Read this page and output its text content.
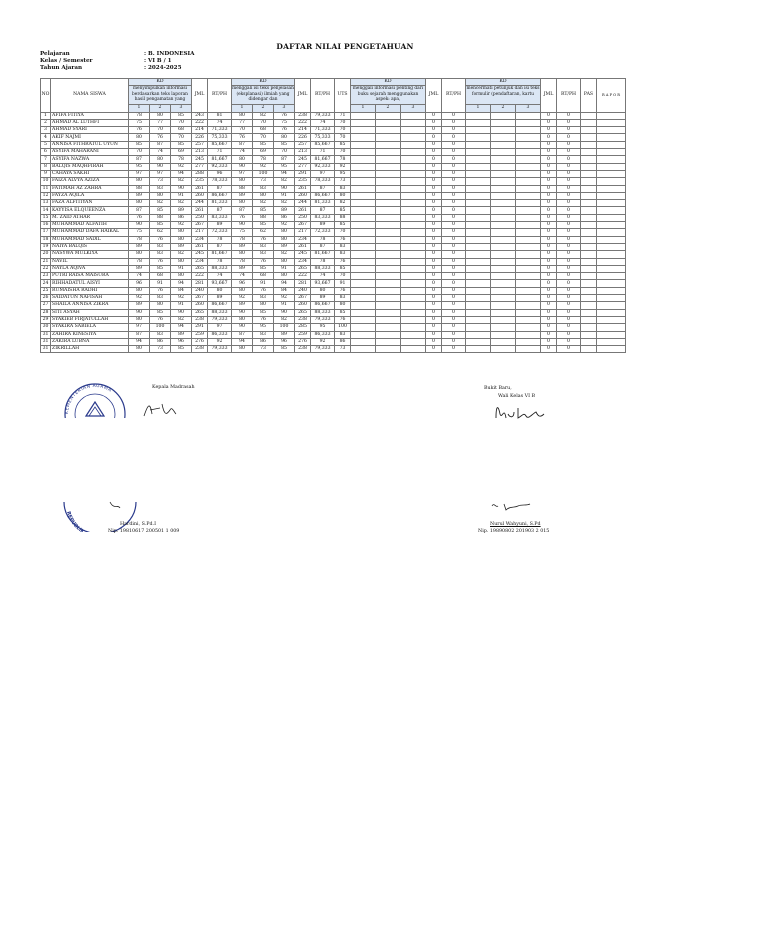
DAFTAR NILAI PENGETAHUAN
Pelajaran	: B. INDONESIA
Kelas / Semester	: VI B / 1
Tahun Ajaran	: 2024-2025
NO	NAMA SISWA	KD			JML	RT/PH	KD			JML	RT/PH	UTS	KD			JML	RT/PH	KD			JML	RT/PH	PAS	R A P O R
		menyimpulkan informasi berdasarkan teks laporan hasil pengamatan yang					menggali isi teks penjelasan (eksplanasi) ilmiah yang didengar dan						menggali informasi penting dari buku sejarah menggunakan aspek: apa,					mencermati petunjuk dan isi teks formulir (pendaftaran, kartu						
		1	2	3			1	2	3				1	2	3			1	2	3				
1	AFIFA FITIYA	78	80	85	243	81	80	82	76	238	79,333	71				0	0				0	0		
2	AHMAD AL LUTHFI	75	77	70	222	74	77	70	75	222	74	70				0	0				0	0		
3	AHMAD SYARI	76	70	68	214	71,333	70	68	76	214	71,333	70				0	0				0	0		
4	AKIF NAJMI	80	76	70	226	75,333	76	70	80	226	75,333	70				0	0				0	0		
5	ANNISA FITHRATUL UYUN	85	87	85	257	85,667	87	85	85	257	85,667	85				0	0				0	0		
6	ASYIFA MAHARANI	70	74	69	213	71	74	69	70	213	71	70				0	0				0	0		
7	ASYIFA NAZWA	87	80	78	245	81,667	80	78	87	245	81,667	78				0	0				0	0		
8	BALQIS MAQHFIRAH	95	90	92	277	92,333	90	92	95	277	92,333	92				0	0				0	0		
9	CAHAYA SAKHI	97	97	94	288	96	97	100	94	291	97	95				0	0				0	0		
10	FAIZA ALVYA AZIZA	80	73	82	235	78,333	80	73	82	235	78,333	73				0	0				0	0		
11	FATIMAH AZ ZAHRA	88	83	90	261	87	88	83	90	261	87	83				0	0				0	0		
12	FAYZA AQILA	89	80	91	260	86,667	89	80	91	260	86,667	80				0	0				0	0		
13	FAZA ALFITIYAN	80	82	82	244	81,333	80	82	82	244	81,333	82				0	0				0	0		
14	KAYYISA ELQUEENZA	87	85	89	261	87	87	85	89	261	87	85				0	0				0	0		
15	M. ZAID ATHAR	76	88	86	250	83,333	76	88	86	250	83,333	88				0	0				0	0		
16	MUHAMMAD ALFATIH	90	85	92	267	89	90	85	92	267	89	85				0	0				0	0		
17	MUHAMMAD DAFA HAIKAL	75	62	80	217	72,333	75	62	80	217	72,333	70				0	0				0	0		
18	MUHAMMAD SADIL	78	76	80	234	78	78	76	80	234	78	76				0	0				0	0		
19	NAIYA BALQIS	89	83	89	261	87	89	83	89	261	87	83				0	0				0	0		
20	NASYWA MULKIYA	80	83	82	245	81,667	80	83	82	245	81,667	83				0	0				0	0		
21	NAVIL	78	76	80	234	78	78	76	80	234	78	76				0	0				0	0		
22	NAYLA AQIVA	89	85	91	265	88,333	89	85	91	265	88,333	85				0	0				0	0		
23	PUTRI RAISA MAISURA	74	68	80	222	74	74	68	80	222	74	70				0	0				0	0		
24	RIHHADATUL AISYI	96	91	94	281	93,667	96	91	94	281	93,667	91				0	0				0	0		
25	RUMAISHA RADHI	80	76	84	240	80	80	76	84	240	80	76				0	0				0	0		
26	SAIDATUN NAFISAH	92	83	92	267	89	92	83	92	267	89	83				0	0				0	0		
27	SHAILA ANNISA ZIKRA	89	80	91	260	86,667	89	80	91	260	86,667	80				0	0				0	0		
28	SITI ASYAH	90	85	90	265	88,333	90	85	90	265	88,333	85				0	0				0	0		
29	SYAKIEB FIRJATULLAH	80	76	82	238	79,333	80	76	82	238	79,333	76				0	0				0	0		
30	SYAKIRA SABIELA	97	100	94	291	97	90	95	100	285	95	100				0	0				0	0		
31	ZAHIRA KINESIYA	87	83	89	259	86,333	87	83	89	259	86,333	83				0	0				0	0		
31	ZAKIRA LUBNA	94	86	96	276	92	94	86	96	276	92	86				0	0				0	0		
31	ZIKRILLAH	80	73	85	238	79,333	80	73	85	238	79,333	73				0	0				0	0		
KEMENTERIAN AGAMA
Kepala Madrasah	Bukit Baru,
Wali Kelas VI B
REPUBLIK
Hardini, S.Pd.I
Nip. 19810617 200501 1 009
Nurul Wahyuni, S.Pd
Nip. 19890802 201903 2 015
